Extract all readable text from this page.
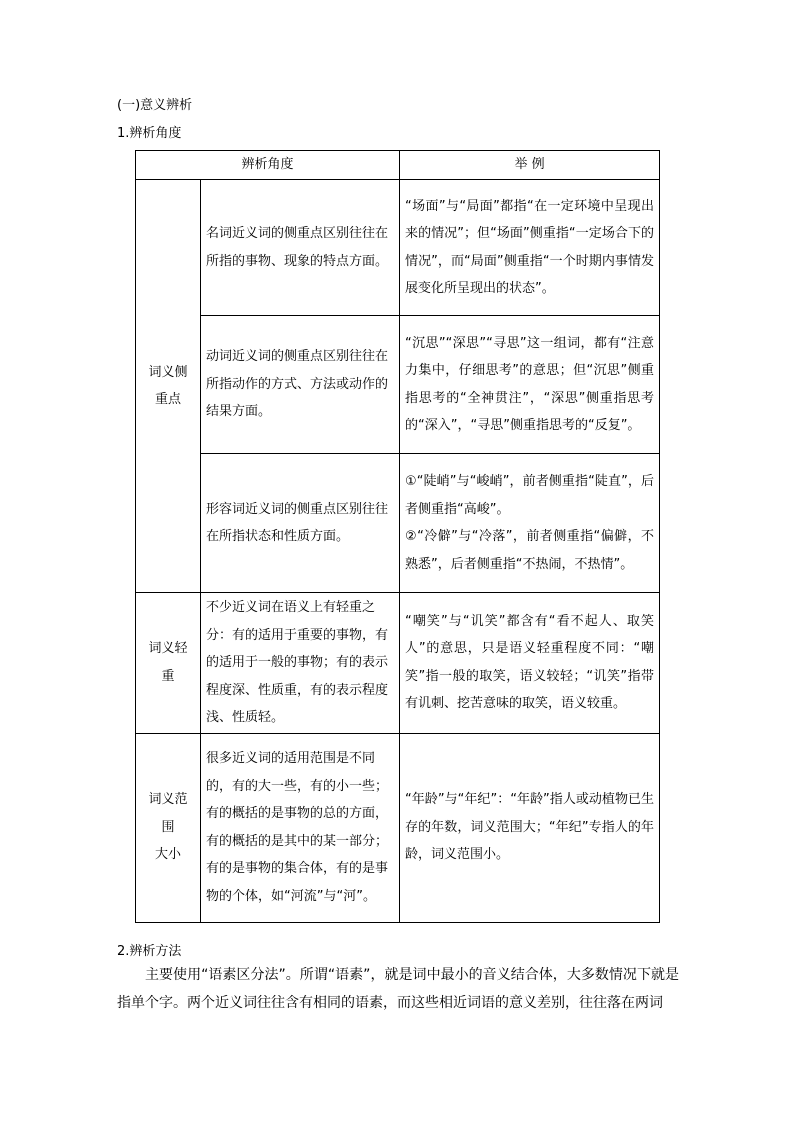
(一)意义辨析
1.辨析角度
辨析角度		举 例

词义侧
重点	名词近义词的侧重点区别往往在所指的事物、现象的特点方面。	“场面”与“局面”都指“在一定环境中呈现出来的情况”；但“场面”侧重指“一定场合下的情况”，而“局面”侧重指“一个时期内事情发展变化所呈现出的状态”。

	动词近义词的侧重点区别往往在所指动作的方式、方法或动作的结果方面。	“沉思”“深思”“寻思”这一组词，都有“注意力集中，仔细思考”的意思；但“沉思”侧重指思考的“全神贯注”，“深思”侧重指思考的“深入”，“寻思”侧重指思考的“反复”。

	形容词近义词的侧重点区别往往在所指状态和性质方面。	①“陡峭”与“峻峭”，前者侧重指“陡直”，后者侧重指“高峻”。
②“冷僻”与“冷落”，前者侧重指“偏僻，不熟悉”，后者侧重指“不热闹，不热情”。

词义轻
重	不少近义词在语义上有轻重之分：有的适用于重要的事物，有的适用于一般的事物；有的表示程度深、性质重，有的表示程度浅、性质轻。	“嘲笑”与“讥笑”都含有“看不起人、取笑人”的意思，只是语义轻重程度不同：“嘲笑”指一般的取笑，语义较轻；“讥笑”指带有讥刺、挖苦意味的取笑，语义较重。

词义范
围
大小	很多近义词的适用范围是不同的，有的大一些，有的小一些；有的概括的是事物的总的方面，有的概括的是其中的某一部分；有的是事物的集合体，有的是事物的个体，如“河流”与“河”。	“年龄”与“年纪”：“年龄”指人或动植物已生存的年数，词义范围大；“年纪”专指人的年龄，词义范围小。
2.辨析方法
主要使用“语素区分法”。所谓“语素”，就是词中最小的音义结合体，大多数情况下就是指单个字。两个近义词往往含有相同的语素，而这些相近词语的意义差别，往往落在两词
